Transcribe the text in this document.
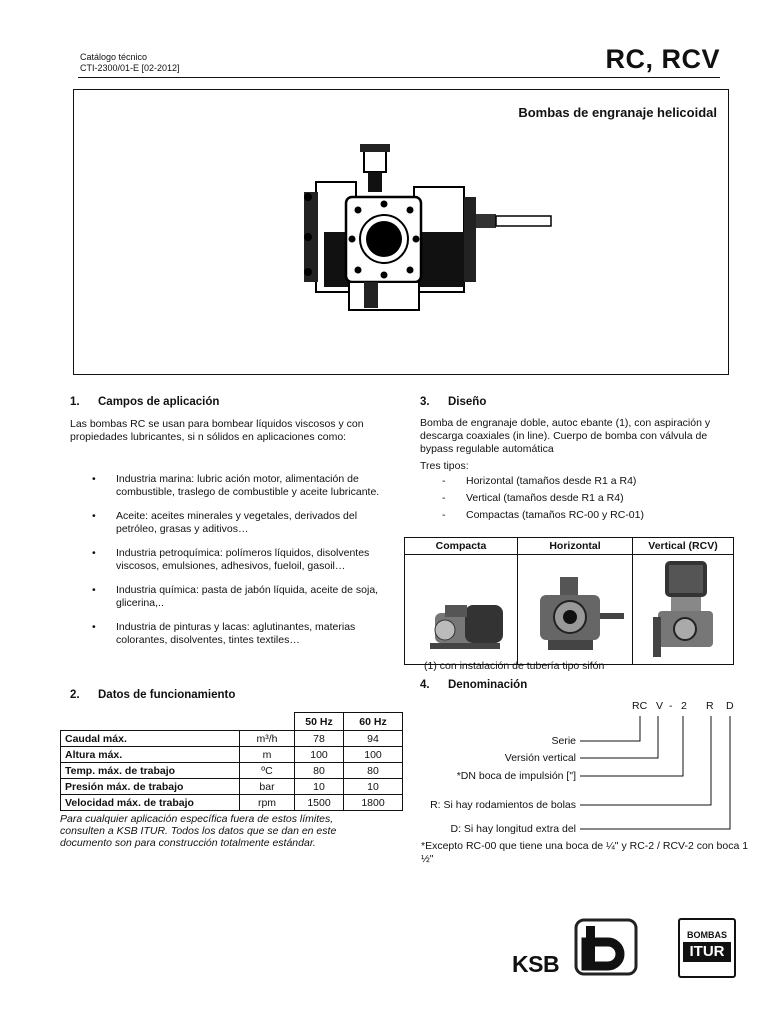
Catálogo técnico
CTI-2300/01-E [02-2012]	RC, RCV
Bombas de engranaje helicoidal
1. Campos de aplicación
Las bombas RC se usan para bombear líquidos viscosos y con propiedades lubricantes, si n sólidos en aplicaciones como:
• Industria marina: lubric ación motor, alimentación de combustible, traslego de combustible y aceite lubricante.
• Aceite: aceites minerales y vegetales, derivados del petróleo, grasas y aditivos…
• Industria petroquímica: polímeros líquidos, disolventes viscosos, emulsiones, adhesivos, fueloil, gasoil…
• Industria química: pasta de jabón líquida, aceite de soja, glicerina,..
• Industria de pinturas y lacas: aglutinantes, materias colorantes, disolventes, tintes textiles…
2. Datos de funcionamiento
		50 Hz	60 Hz
Caudal máx.	m³/h	78	94
Altura máx.	m	100	100
Temp. máx. de trabajo	ºC	80	80
Presión máx. de trabajo	bar	10	10
Velocidad máx. de trabajo	rpm	1500	1800
Para cualquier aplicación específica fuera de estos límites, consulten a KSB ITUR. Todos los datos que se dan en este documento son para construcción totalmente estándar.
3. Diseño
Bomba de engranaje doble, autoc ebante (1), con aspiración y descarga coaxiales (in line). Cuerpo de bomba con válvula de bypass regulable automática
Tres tipos:
- Horizontal (tamaños desde R1 a R4)
- Vertical (tamaños desde R1 a R4)
- Compactas (tamaños RC-00 y RC-01)
Compacta	Horizontal	Vertical (RCV)

(1) con instalación de tubería tipo sifón
4. Denominación
RC V - 2 R D
Serie
Versión vertical
*DN boca de impulsión ["]
R: Si hay rodamientos de bolas
D: Si hay longitud extra del
*Excepto RC-00 que tiene una boca de ¼" y RC-2 / RCV-2 con boca 1 ½"
KSB
BOMBAS
ITUR
